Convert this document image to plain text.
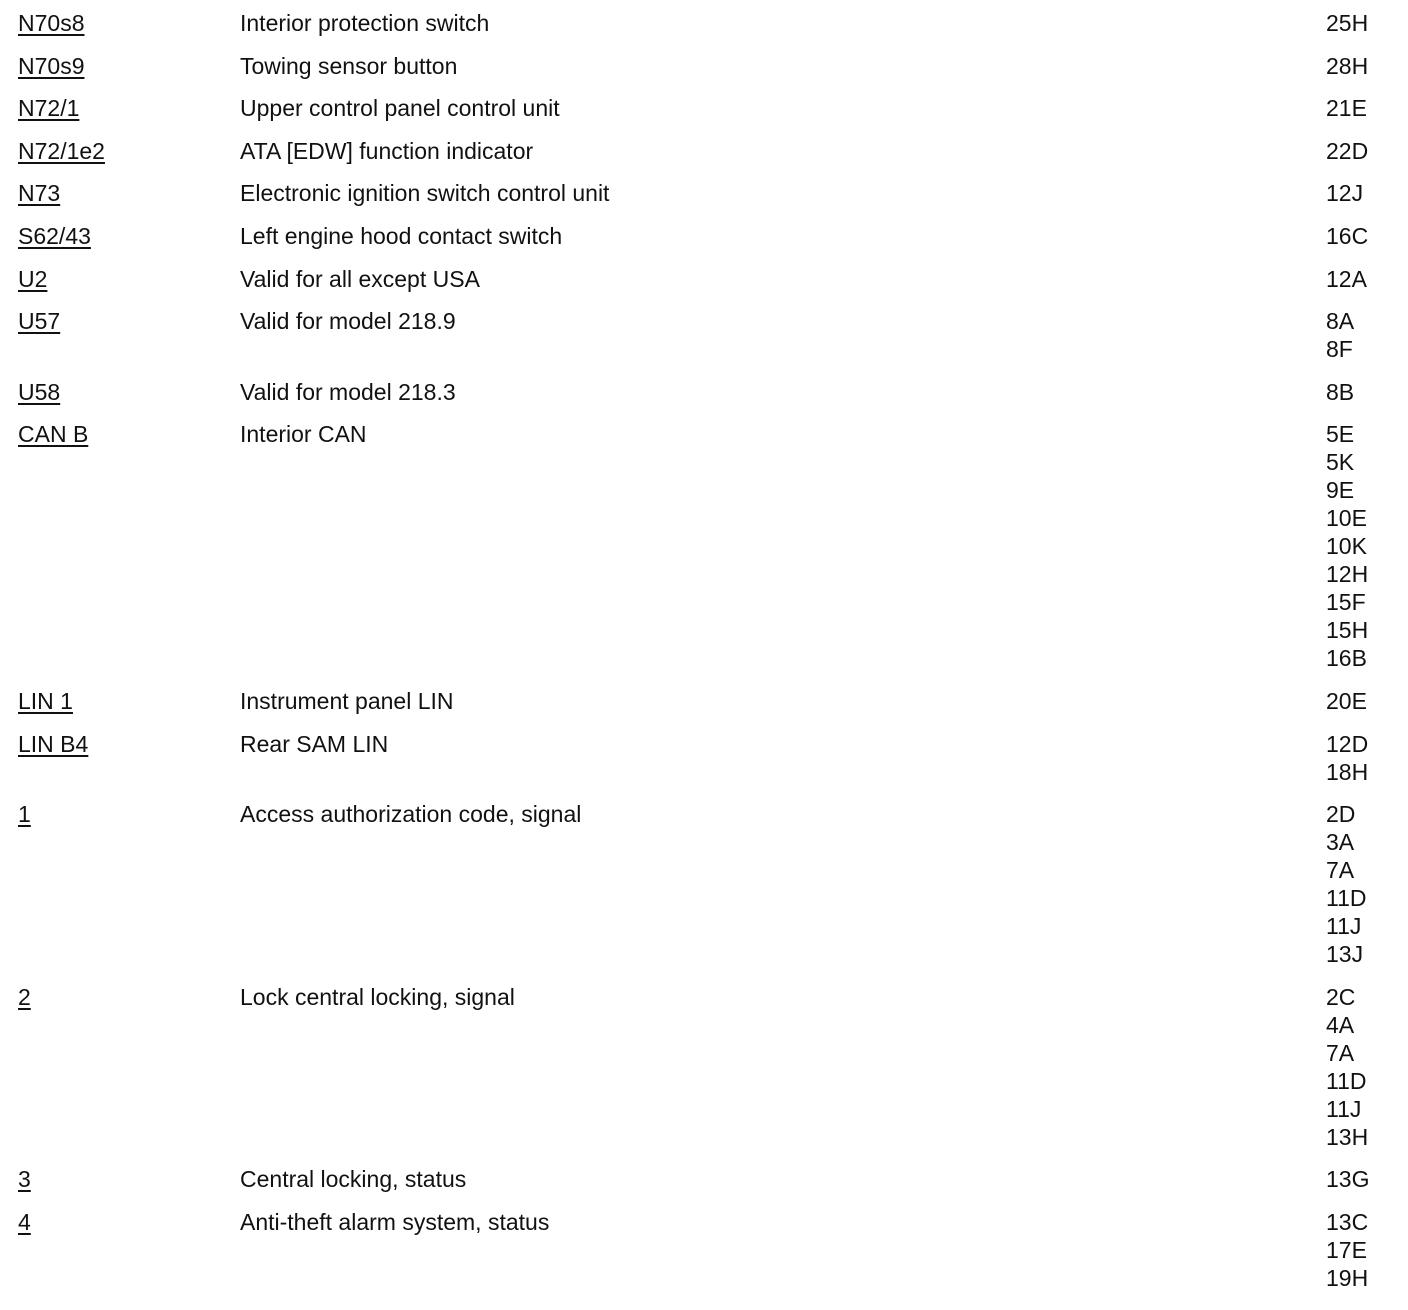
N70s8	Interior protection switch	25H
N70s9	Towing sensor button	28H
N72/1	Upper control panel control unit	21E
N72/1e2	ATA [EDW] function indicator	22D
N73	Electronic ignition switch control unit	12J
S62/43	Left engine hood contact switch	16C
U2	Valid for all except USA	12A
U57	Valid for model 218.9	8A
8F
U58	Valid for model 218.3	8B
CAN B	Interior CAN	5E
5K
9E
10E
10K
12H
15F
15H
16B
LIN 1	Instrument panel LIN	20E
LIN B4	Rear SAM LIN	12D
18H
1	Access authorization code, signal	2D
3A
7A
11D
11J
13J
2	Lock central locking, signal	2C
4A
7A
11D
11J
13H
3	Central locking, status	13G
4	Anti-theft alarm system, status	13C
17E
19H
